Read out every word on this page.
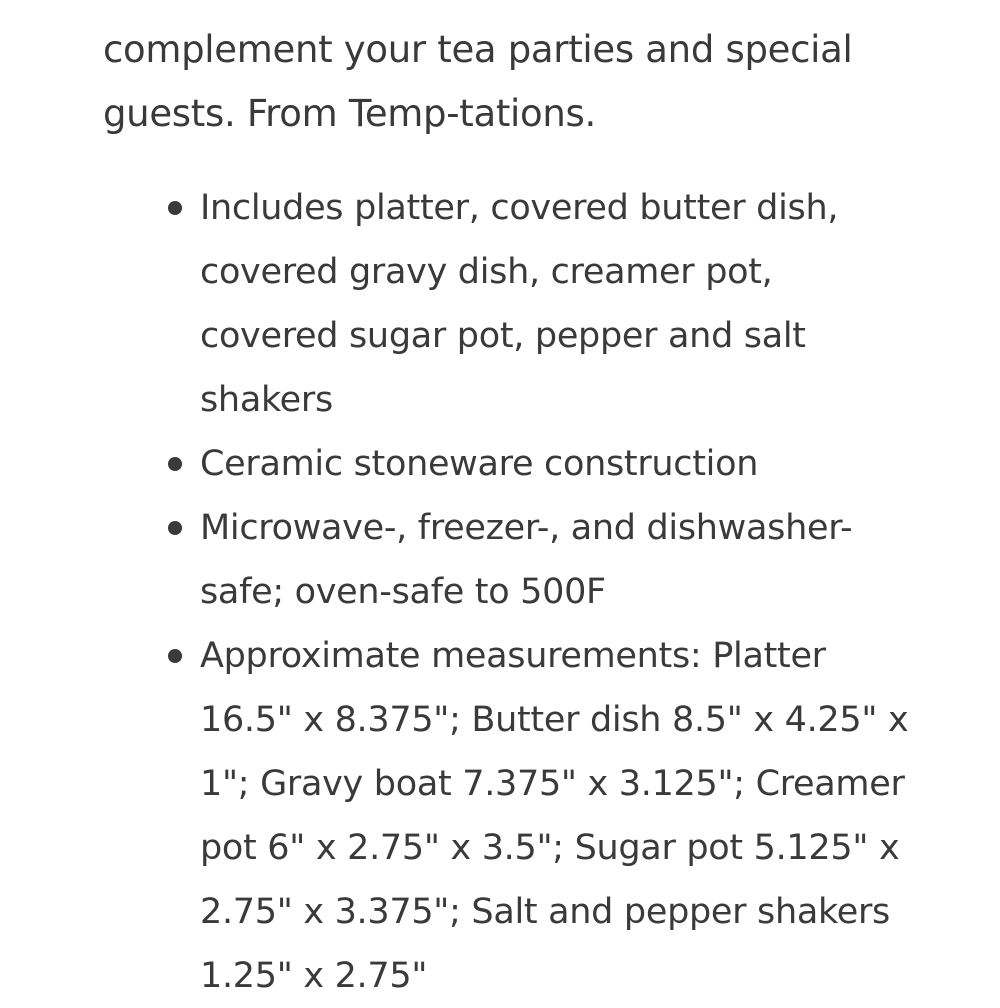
complement your tea parties and special
guests. From Temp-tations.

Includes platter, covered butter dish,
covered gravy dish, creamer pot,
covered sugar pot, pepper and salt
shakers
Ceramic stoneware construction
Microwave-, freezer-, and dishwasher-
safe; oven-safe to 500F
Approximate measurements: Platter
16.5" x 8.375"; Butter dish 8.5" x 4.25" x
1"; Gravy boat 7.375" x 3.125"; Creamer
pot 6" x 2.75" x 3.5"; Sugar pot 5.125" x
2.75" x 3.375"; Salt and pepper shakers
1.25" x 2.75"
